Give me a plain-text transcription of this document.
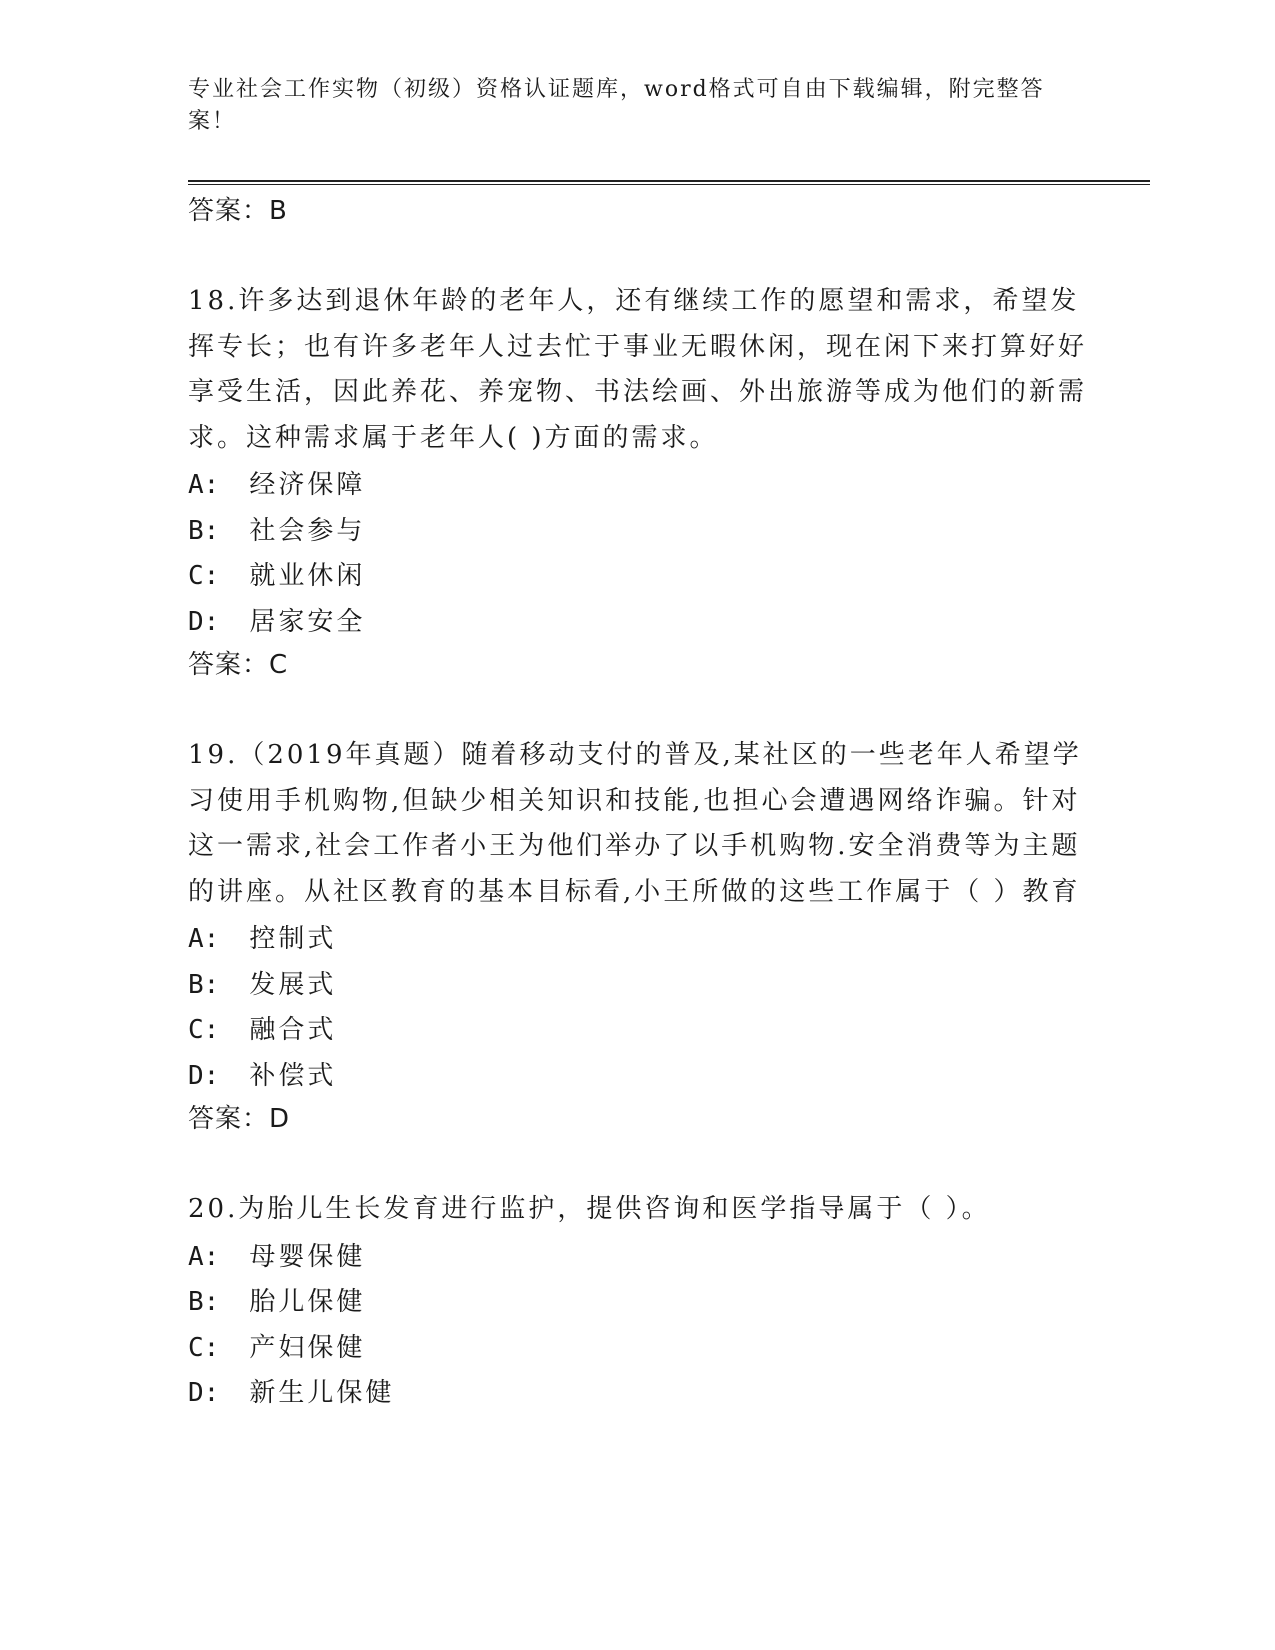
专业社会工作实物（初级）资格认证题库，word格式可自由下载编辑，附完整答案！
答案：B
18.许多达到退休年龄的老年人，还有继续工作的愿望和需求，希望发挥专长；也有许多老年人过去忙于事业无暇休闲，现在闲下来打算好好享受生活，因此养花、养宠物、书法绘画、外出旅游等成为他们的新需求。这种需求属于老年人( )方面的需求。
A: 经济保障
B: 社会参与
C: 就业休闲
D: 居家安全
答案：C
19.（2019年真题）随着移动支付的普及,某社区的一些老年人希望学习使用手机购物,但缺少相关知识和技能,也担心会遭遇网络诈骗。针对这一需求,社会工作者小王为他们举办了以手机购物.安全消费等为主题的讲座。从社区教育的基本目标看,小王所做的这些工作属于（ ）教育
A: 控制式
B: 发展式
C: 融合式
D: 补偿式
答案：D
20.为胎儿生长发育进行监护，提供咨询和医学指导属于（ ）。
A: 母婴保健
B: 胎儿保健
C: 产妇保健
D: 新生儿保健
